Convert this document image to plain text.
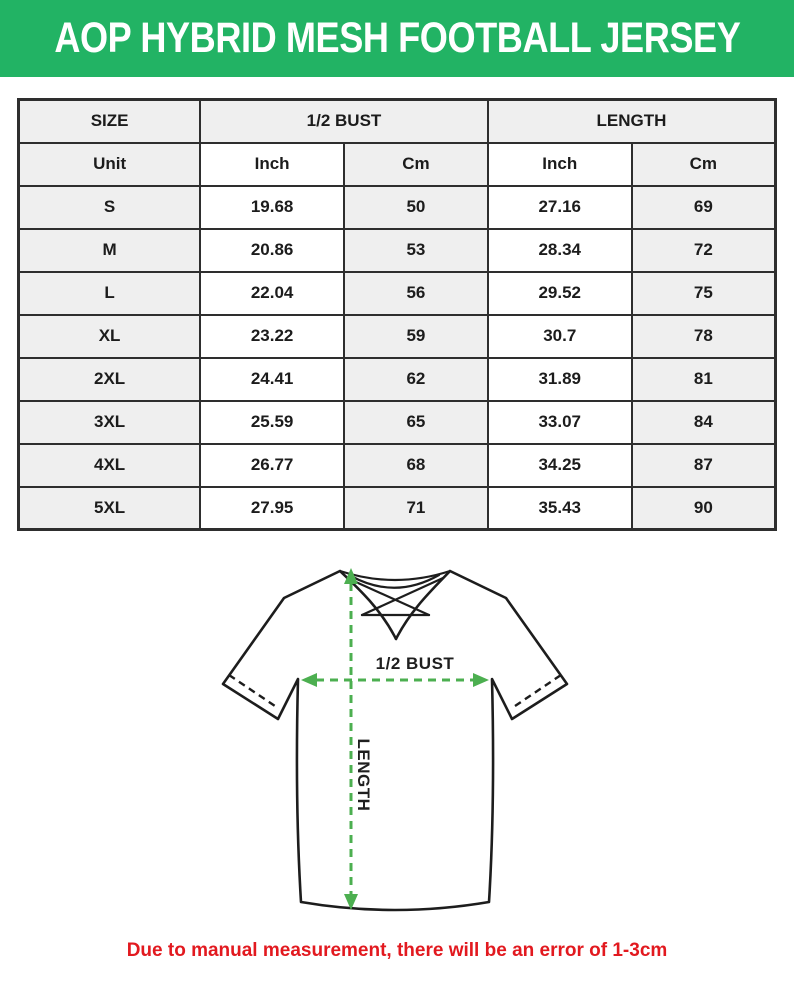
AOP HYBRID MESH FOOTBALL JERSEY
SIZE	1/2 BUST		LENGTH	
Unit	Inch	Cm	Inch	Cm
S	19.68	50	27.16	69
M	20.86	53	28.34	72
L	22.04	56	29.52	75
XL	23.22	59	30.7	78
2XL	24.41	62	31.89	81
3XL	25.59	65	33.07	84
4XL	26.77	68	34.25	87
5XL	27.95	71	35.43	90
1/2 BUST
LENGTH

Due to manual measurement, there will be an error of 1-3cm
